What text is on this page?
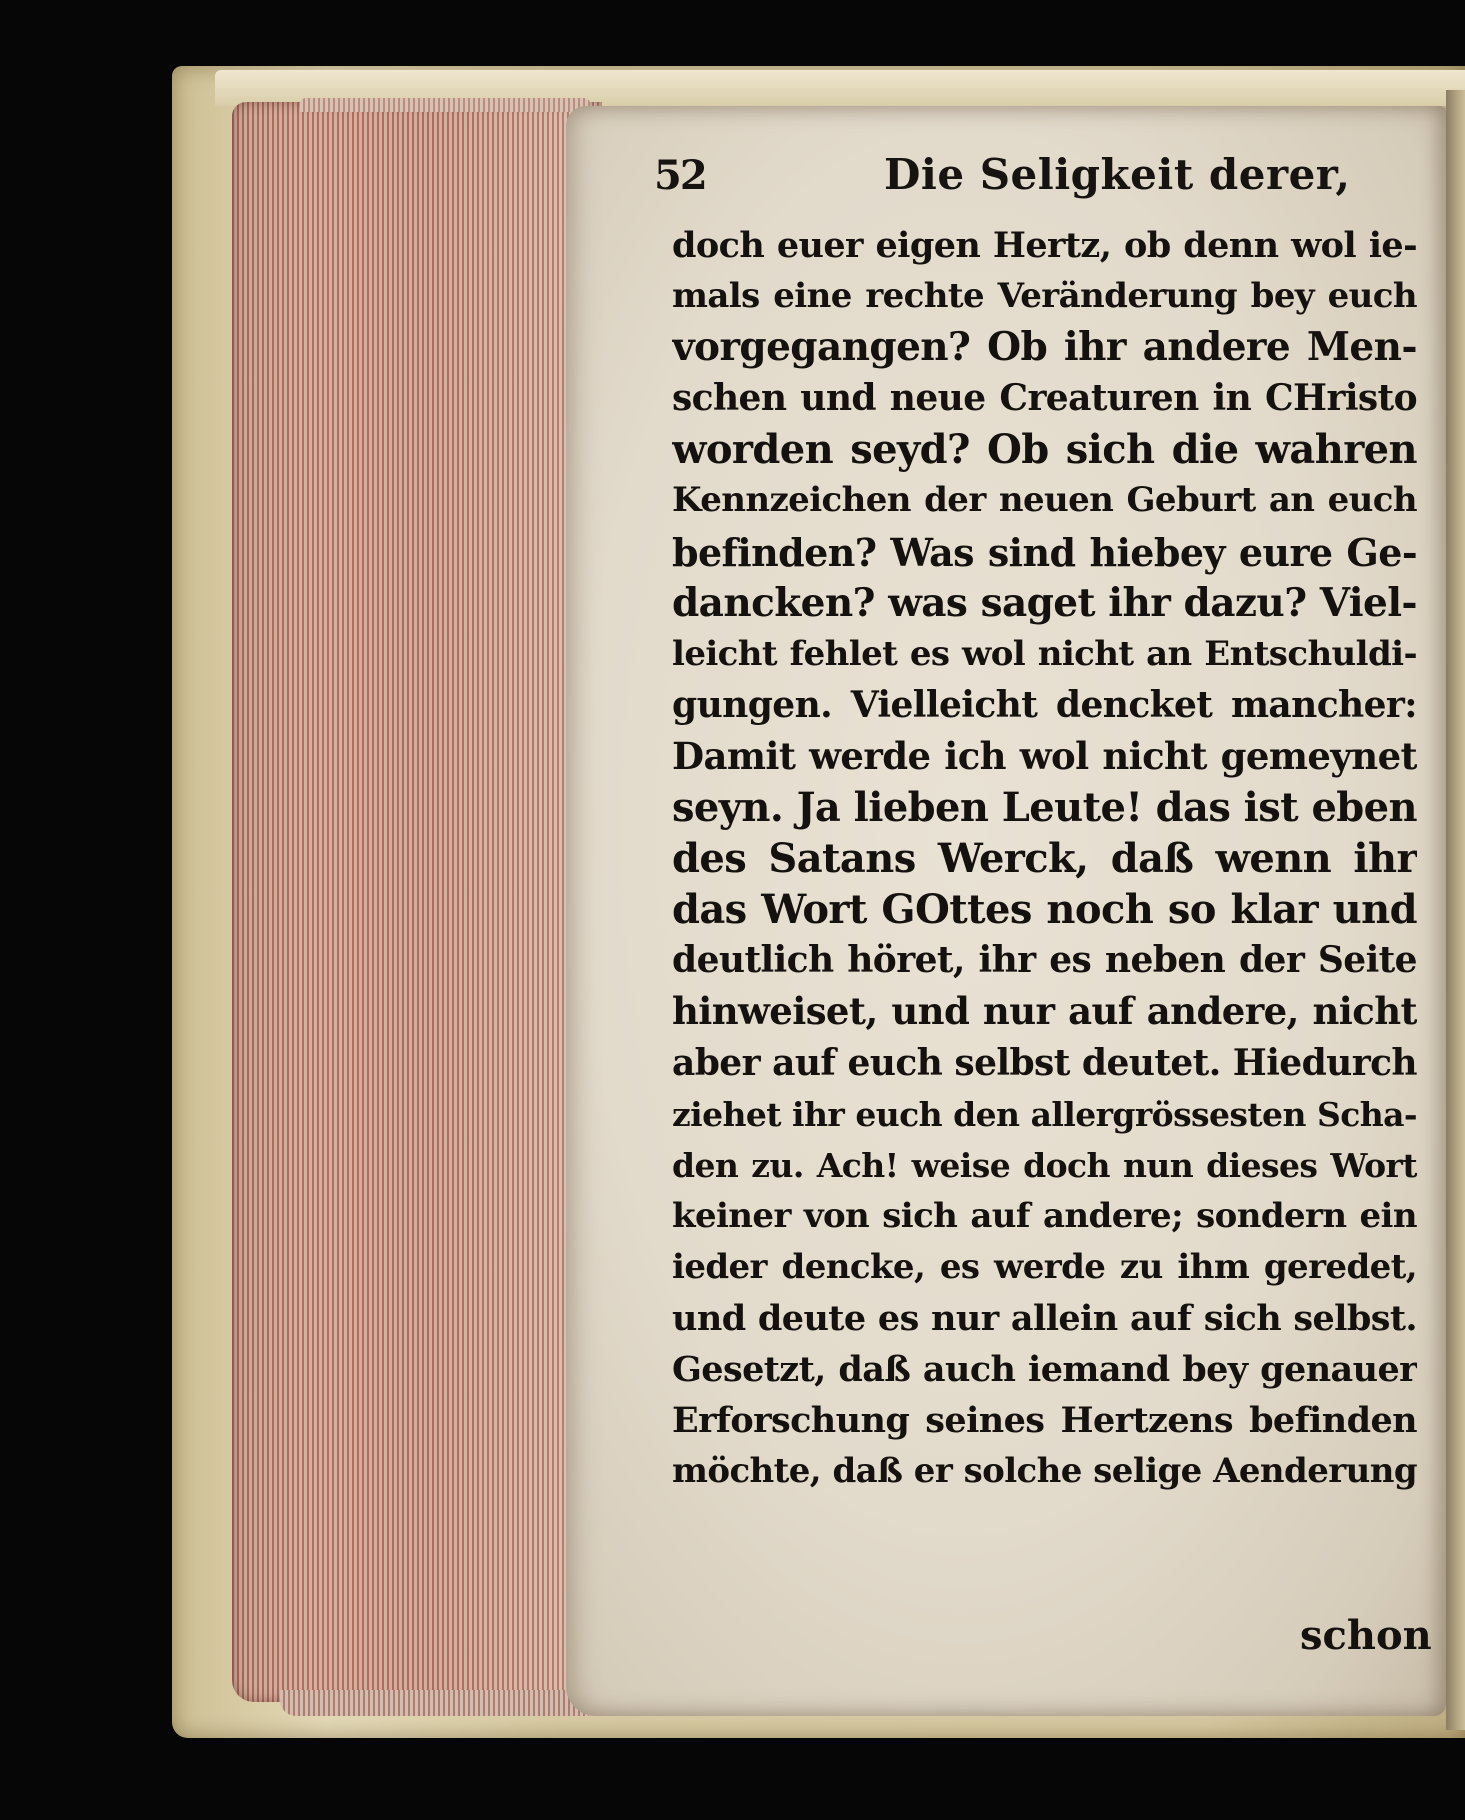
52	Die Seligkeit derer,
doch euer eigen Hertz, ob denn wol ie-
mals eine rechte Veränderung bey euch
vorgegangen? Ob ihr andere Men-
schen und neue Creaturen in CHristo
worden seyd? Ob sich die wahren
Kennzeichen der neuen Geburt an euch
befinden? Was sind hiebey eure Ge-
dancken? was saget ihr dazu? Viel-
leicht fehlet es wol nicht an Entschuldi-
gungen. Vielleicht dencket mancher:
Damit werde ich wol nicht gemeynet
seyn. Ja lieben Leute! das ist eben
des Satans Werck, daß wenn ihr
das Wort GOttes noch so klar und
deutlich höret, ihr es neben der Seite
hinweiset, und nur auf andere, nicht
aber auf euch selbst deutet. Hiedurch
ziehet ihr euch den allergrössesten Scha-
den zu. Ach! weise doch nun dieses Wort
keiner von sich auf andere; sondern ein
ieder dencke, es werde zu ihm geredet,
und deute es nur allein auf sich selbst.
Gesetzt, daß auch iemand bey genauer
Erforschung seines Hertzens befinden
möchte, daß er solche selige Aenderung
schon
